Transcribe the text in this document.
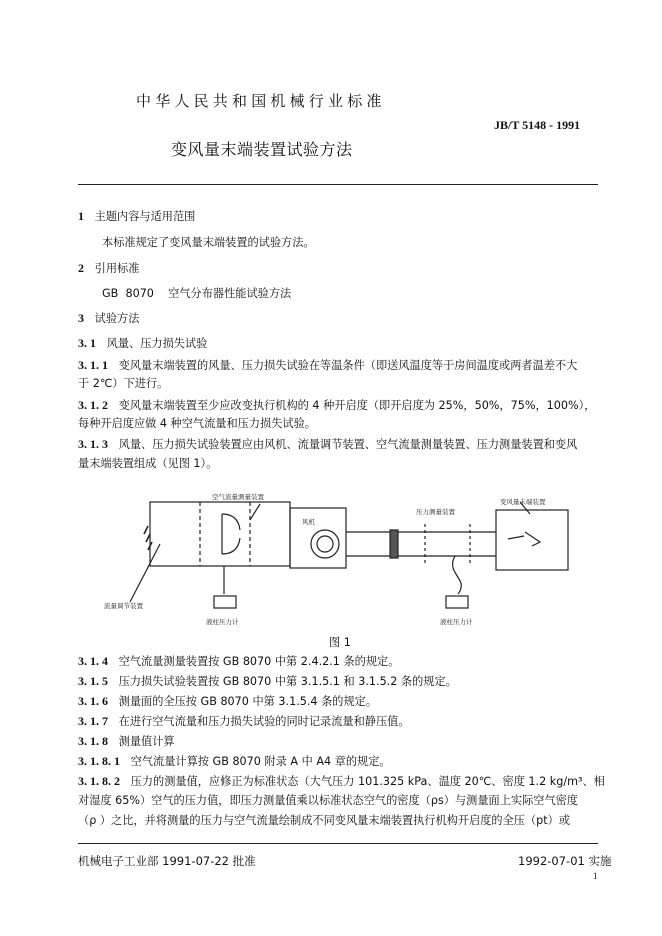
中华人民共和国机械行业标准
JB/T 5148 - 1991
变风量末端装置试验方法
1 主题内容与适用范围
本标准规定了变风量末端装置的试验方法。
2 引用标准
GB  8070    空气分布器性能试验方法
3 试验方法
3. 1 风量、压力损失试验
3. 1. 1 变风量末端装置的风量、压力损失试验在等温条件（即送风温度等于房间温度或两者温差不大
于 2℃）下进行。
3. 1. 2 变风量末端装置至少应改变执行机构的 4 种开启度（即开启度为 25%，50%，75%，100%），
每种开启度应做 4 种空气流量和压力损失试验。
3. 1. 3 风量、压力损失试验装置应由风机、流量调节装置、空气流量测量装置、压力测量装置和变风
量末端装置组成（见图 1）。
空气流量测量装置
风机
压力测量装置
变风量末端装置
流量调节装置
液柱压力计	液柱压力计
图 1
3. 1. 4 空气流量测量装置按 GB 8070 中第 2.4.2.1 条的规定。
3. 1. 5 压力损失试验装置按 GB 8070 中第 3.1.5.1 和 3.1.5.2 条的规定。
3. 1. 6 测量面的全压按 GB 8070 中第 3.1.5.4 条的规定。
3. 1. 7 在进行空气流量和压力损失试验的同时记录流量和静压值。
3. 1. 8 测量值计算
3. 1. 8. 1 空气流量计算按 GB 8070 附录 A 中 A4 章的规定。
3. 1. 8. 2 压力的测量值，应修正为标准状态（大气压力 101.325 kPa、温度 20℃、密度 1.2 kg/m³、相
对湿度 65%）空气的压力值，即压力测量值乘以标准状态空气的密度（ρs）与测量面上实际空气密度
（ρ ）之比，并将测量的压力与空气流量绘制成不同变风量末端装置执行机构开启度的全压（pt）或
机械电子工业部 1991-07-22 批准	1992-07-01 实施
1
